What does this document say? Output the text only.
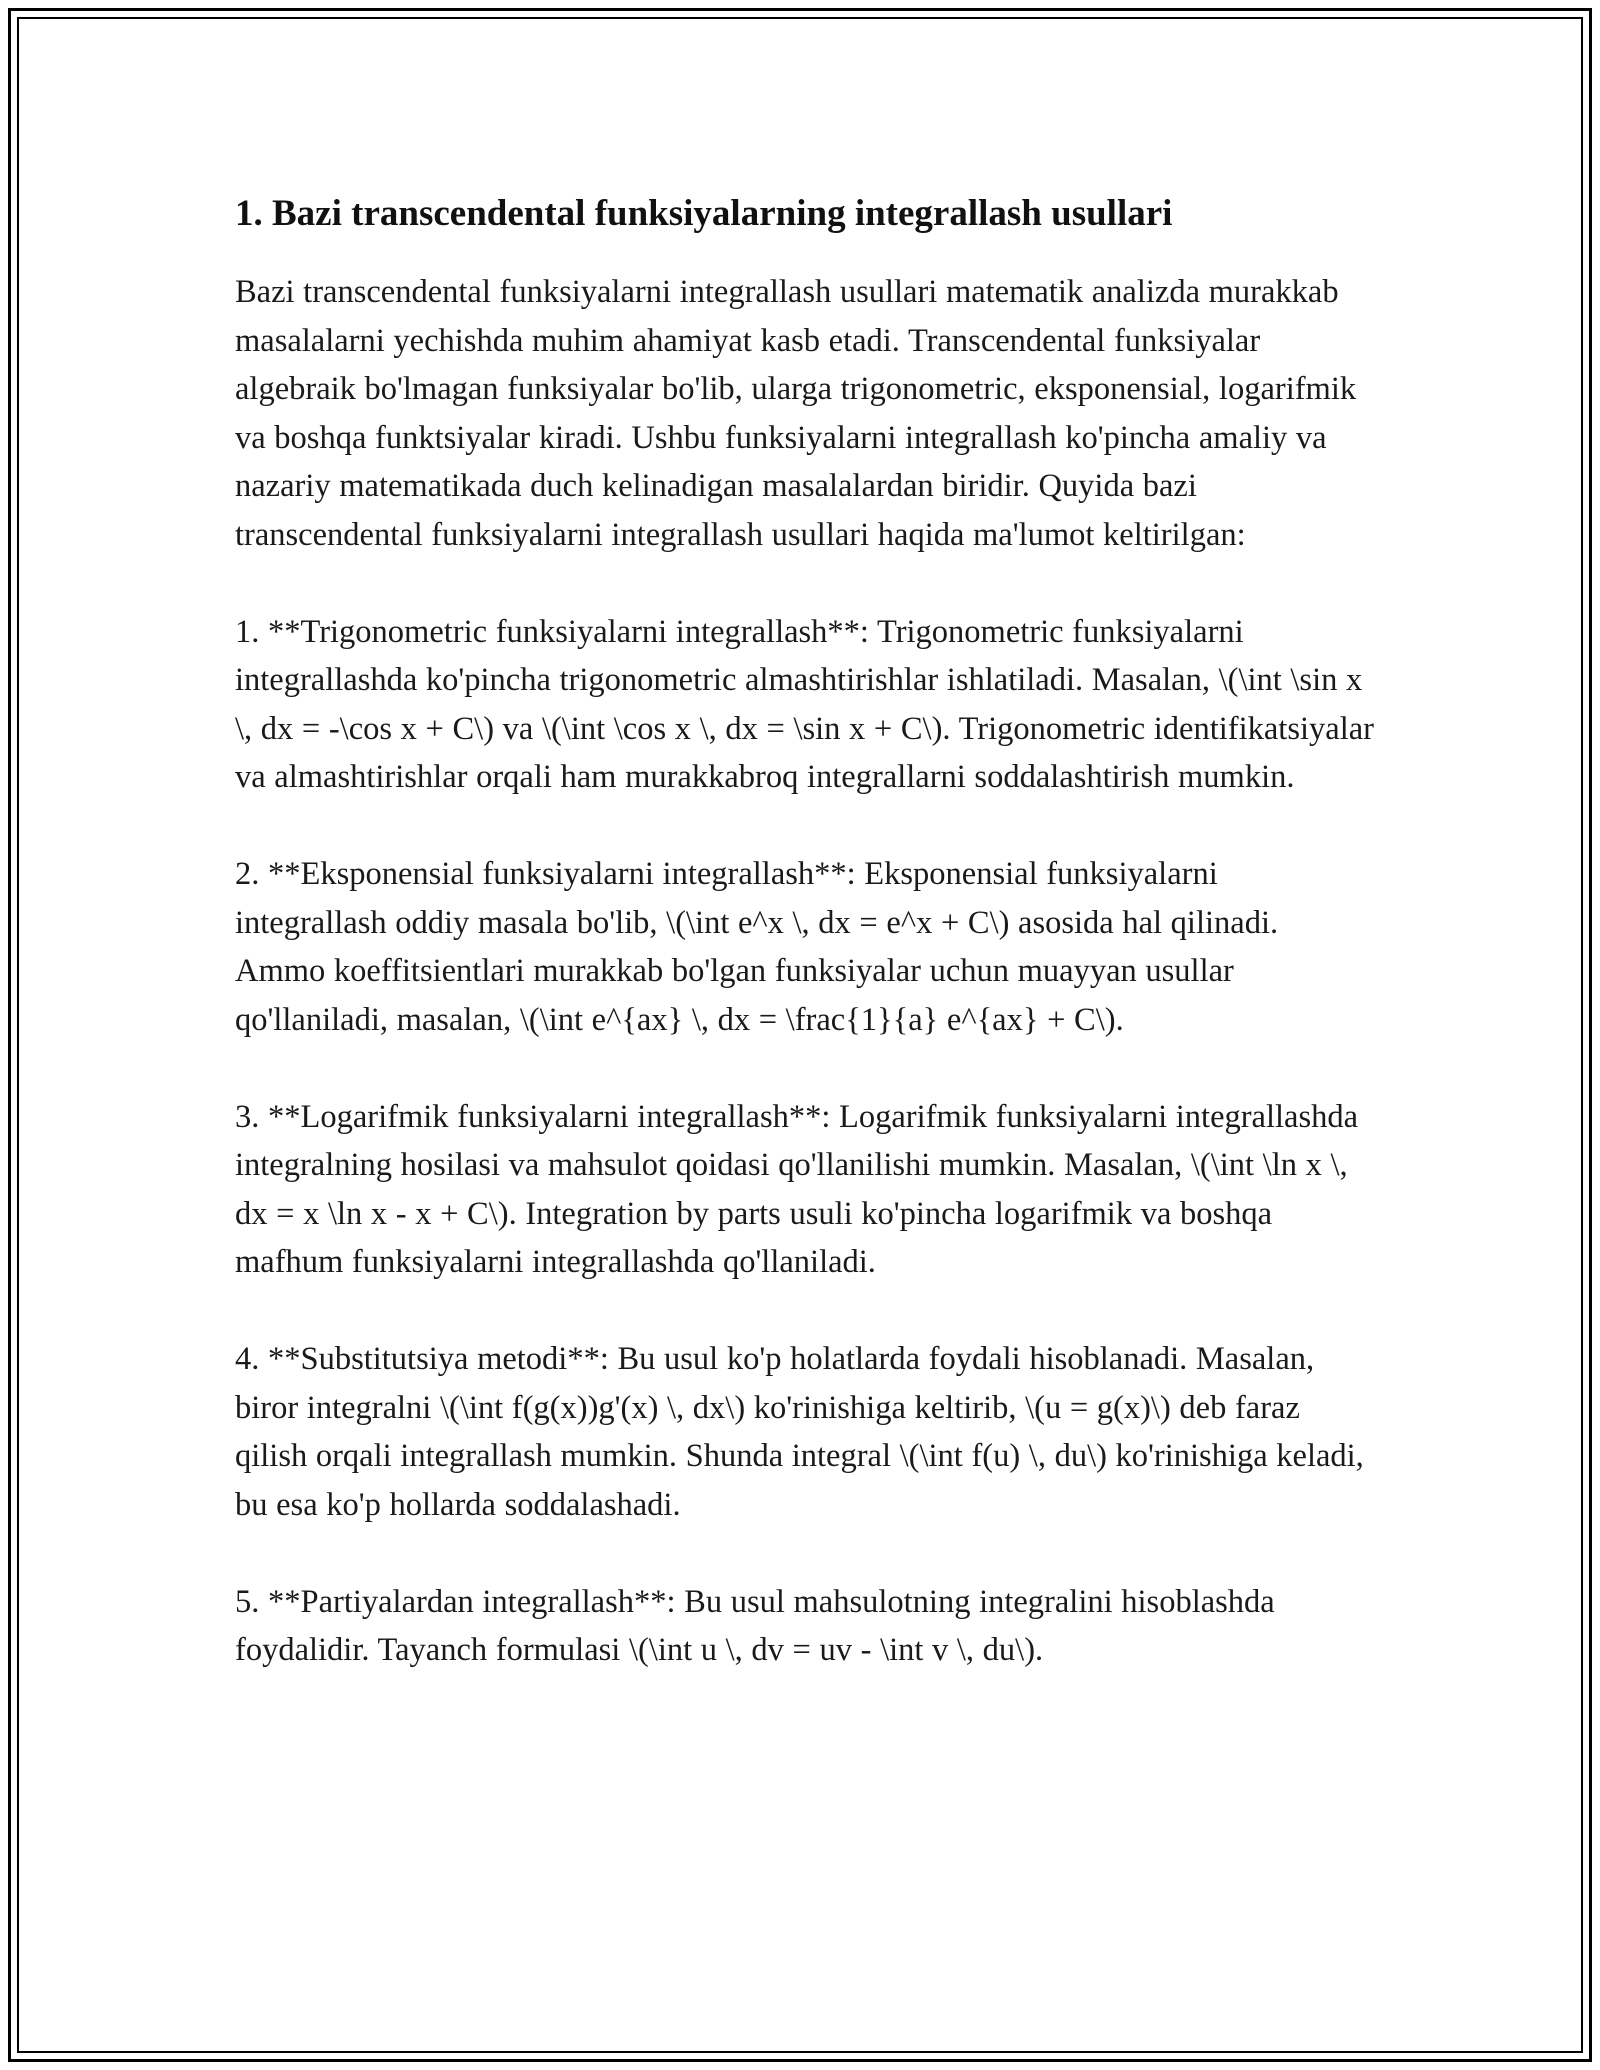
1. Bazi transcendental funksiyalarning integrallash usullari

Bazi transcendental funksiyalarni integrallash usullari matematik analizda murakkab masalalarni yechishda muhim ahamiyat kasb etadi. Transcendental funksiyalar algebraik bo'lmagan funksiyalar bo'lib, ularga trigonometric, eksponensial, logarifmik va boshqa funktsiyalar kiradi. Ushbu funksiyalarni integrallash ko'pincha amaliy va nazariy matematikada duch kelinadigan masalalardan biridir. Quyida bazi transcendental funksiyalarni integrallash usullari haqida ma'lumot keltirilgan:

1. **Trigonometric funksiyalarni integrallash**: Trigonometric funksiyalarni integrallashda ko'pincha trigonometric almashtirishlar ishlatiladi. Masalan, \(\int \sin x \, dx = -\cos x + C\) va \(\int \cos x \, dx = \sin x + C\). Trigonometric identifikatsiyalar va almashtirishlar orqali ham murakkabroq integrallarni soddalashtirish mumkin.

2. **Eksponensial funksiyalarni integrallash**: Eksponensial funksiyalarni integrallash oddiy masala bo'lib, \(\int e^x \, dx = e^x + C\) asosida hal qilinadi. Ammo koeffitsientlari murakkab bo'lgan funksiyalar uchun muayyan usullar qo'llaniladi, masalan, \(\int e^{ax} \, dx = \frac{1}{a} e^{ax} + C\).

3. **Logarifmik funksiyalarni integrallash**: Logarifmik funksiyalarni integrallashda integralning hosilasi va mahsulot qoidasi qo'llanilishi mumkin. Masalan, \(\int \ln x \, dx = x \ln x - x + C\). Integration by parts usuli ko'pincha logarifmik va boshqa mafhum funksiyalarni integrallashda qo'llaniladi.

4. **Substitutsiya metodi**: Bu usul ko'p holatlarda foydali hisoblanadi. Masalan, biror integralni \(\int f(g(x))g'(x) \, dx\) ko'rinishiga keltirib, \(u = g(x)\) deb faraz qilish orqali integrallash mumkin. Shunda integral \(\int f(u) \, du\) ko'rinishiga keladi, bu esa ko'p hollarda soddalashadi.

5. **Partiyalardan integrallash**: Bu usul mahsulotning integralini hisoblashda foydalidir. Tayanch formulasi \(\int u \, dv = uv - \int v \, du\).
